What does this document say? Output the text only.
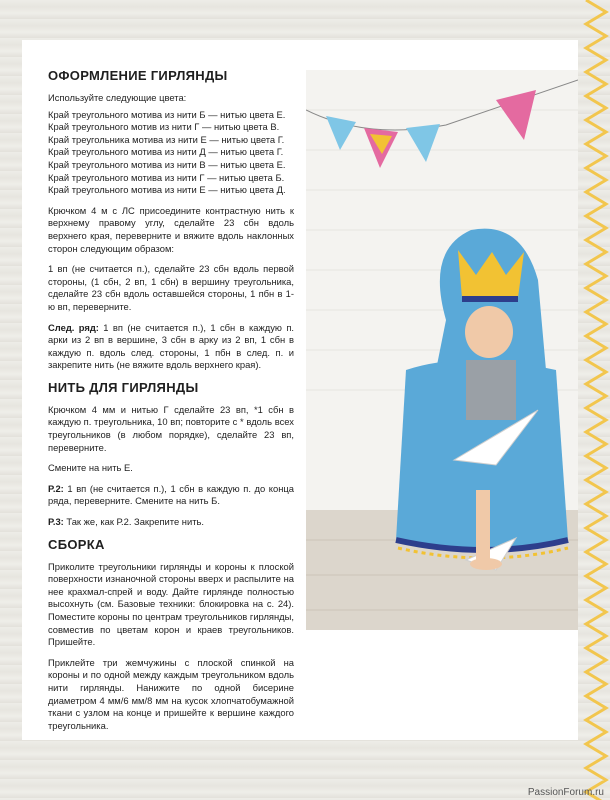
ОФОРМЛЕНИЕ ГИРЛЯНДЫ

Используйте следующие цвета:

Край треугольного мотива из нити Б — нитью цвета Е.

Край треугольного мотив из нити Г — нитью цвета В.

Край треугольника мотива из нити Е — нитью цвета Г.

Край треугольного мотива из нити Д — нитью цвета Г.

Край треугольного мотива из нити В — нитью цвета Е.

Край треугольного мотива из нити Г — нитью цвета Б.

Край треугольного мотива из нити Е — нитью цвета Д.

Крючком 4 м с ЛС присоедините контрастную нить к верхнему правому углу, сделайте 23 сбн вдоль верхнего края, переверните и вяжите вдоль наклонных сторон следующим образом:

1 вп (не считается п.), сделайте 23 сбн вдоль первой стороны, (1 сбн, 2 вп, 1 сбн) в вершину треугольника, сделайте 23 сбн вдоль оставшейся стороны, 1 пбн в 1-ю вп, переверните.

След. ряд: 1 вп (не считается п.), 1 сбн в каждую п. арки из 2 вп в вершине, 3 сбн в арку из 2 вп, 1 сбн в каждую п. вдоль след. стороны, 1 пбн в след. п. и закрепите нить (не вяжите вдоль верхнего края).

НИТЬ ДЛЯ ГИРЛЯНДЫ

Крючком 4 мм и нитью Г сделайте 23 вп, *1 сбн в каждую п. треугольника, 10 вп; повторите с * вдоль всех треугольников (в любом порядке), сделайте 23 вп, переверните.

Смените на нить Е.

Р.2: 1 вп (не считается п.), 1 сбн в каждую п. до конца ряда, переверните. Смените на нить Б.

Р.3: Так же, как Р.2. Закрепите нить.

СБОРКА

Приколите треугольники гирлянды и короны к плоской поверхности изнаночной стороны вверх и распылите на нее крахмал-спрей и воду. Дайте гирлянде полностью высохнуть (см. Базовые техники: блокировка на с. 24). Поместите короны по центрам треугольников гирлянды, совместив по цветам корон и краев треугольников. Пришейте.

Приклейте три жемчужины с плоской спинкой на короны и по одной между каждым треугольником вдоль нити гирлянды. Нанижите по одной бисерине диаметром 4 мм/6 мм/8 мм на кусок хлопчатобумажной ткани с узлом на конце и пришейте к вершине каждого треугольника.

PassionForum.ru
